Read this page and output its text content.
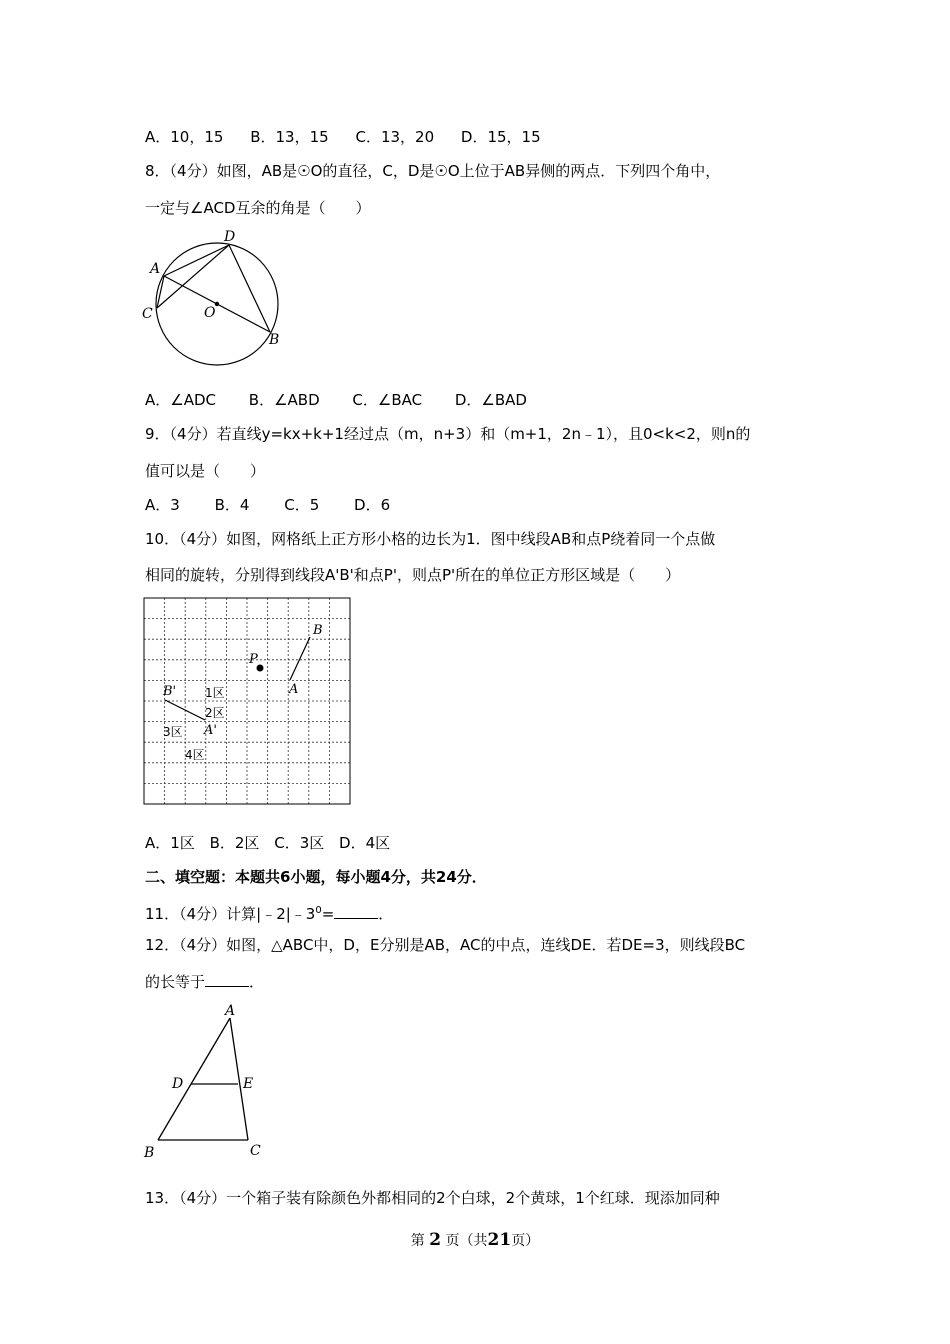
A．10，15 B．13，15 C．13，20 D．15，15
8．（4分）如图，AB是☉O的直径，C，D是☉O上位于AB异侧的两点．下列四个角中，
一定与∠ACD互余的角是（　　）
D
A
C	O
B
A．∠ADC B．∠ABD C．∠BAC D．∠BAD
9．（4分）若直线y=kx+k+1经过点（m，n+3）和（m+1，2n﹣1），且0<k<2，则n的
值可以是（　　）
A．3 B．4 C．5 D．6
10．（4分）如图，网格纸上正方形小格的边长为1．图中线段AB和点P绕着同一个点做
相同的旋转，分别得到线段A'B'和点P'，则点P'所在的单位正方形区域是（　　）
B
P
A
B'
A'
1区
2区
3区
4区
A．1区 B．2区 C．3区 D．4区
二、填空题：本题共6小题，每小题4分，共24分．
11．（4分）计算$|﹣2|﹣3^0=$	．
12．（4分）如图，△ABC中，D，E分别是AB，AC的中点，连线DE．若DE=3，则线段BC
的长等于	．
A
D	E
B	C
13．（4分）一个箱子装有除颜色外都相同的2个白球，2个黄球，1个红球．现添加同种
第 2 页（共21页）
